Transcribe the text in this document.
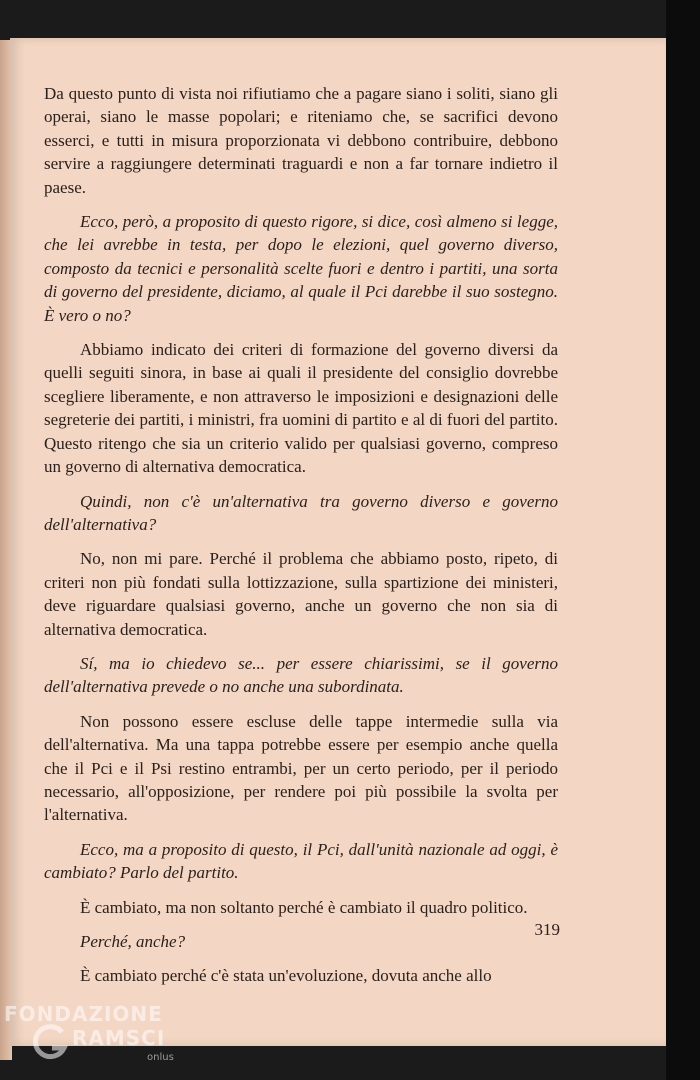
Da questo punto di vista noi rifiutiamo che a pagare siano i soliti, siano gli operai, siano le masse popolari; e riteniamo che, se sacrifici devono esserci, e tutti in misura proporzionata vi debbono contribuire, debbono servire a raggiungere determinati traguardi e non a far tornare indietro il paese.

Ecco, però, a proposito di questo rigore, si dice, così almeno si legge, che lei avrebbe in testa, per dopo le elezioni, quel governo diverso, composto da tecnici e personalità scelte fuori e dentro i partiti, una sorta di governo del presidente, diciamo, al quale il Pci darebbe il suo sostegno. È vero o no?

Abbiamo indicato dei criteri di formazione del governo diversi da quelli seguiti sinora, in base ai quali il presidente del consiglio dovrebbe scegliere liberamente, e non attraverso le imposizioni e designazioni delle segreterie dei partiti, i ministri, fra uomini di partito e al di fuori del partito. Questo ritengo che sia un criterio valido per qualsiasi governo, compreso un governo di alternativa democratica.

Quindi, non c'è un'alternativa tra governo diverso e governo dell'alternativa?

No, non mi pare. Perché il problema che abbiamo posto, ripeto, di criteri non più fondati sulla lottizzazione, sulla spartizione dei ministeri, deve riguardare qualsiasi governo, anche un governo che non sia di alternativa democratica.

Sí, ma io chiedevo se... per essere chiarissimi, se il governo dell'alternativa prevede o no anche una subordinata.

Non possono essere escluse delle tappe intermedie sulla via dell'alternativa. Ma una tappa potrebbe essere per esempio anche quella che il Pci e il Psi restino entrambi, per un certo periodo, per il periodo necessario, all'opposizione, per rendere poi più possibile la svolta per l'alternativa.

Ecco, ma a proposito di questo, il Pci, dall'unità nazionale ad oggi, è cambiato? Parlo del partito.

È cambiato, ma non soltanto perché è cambiato il quadro politico.

Perché, anche?

È cambiato perché c'è stata un'evoluzione, dovuta anche allo

319
FONDAZIONE
RAMSCI
onlus
